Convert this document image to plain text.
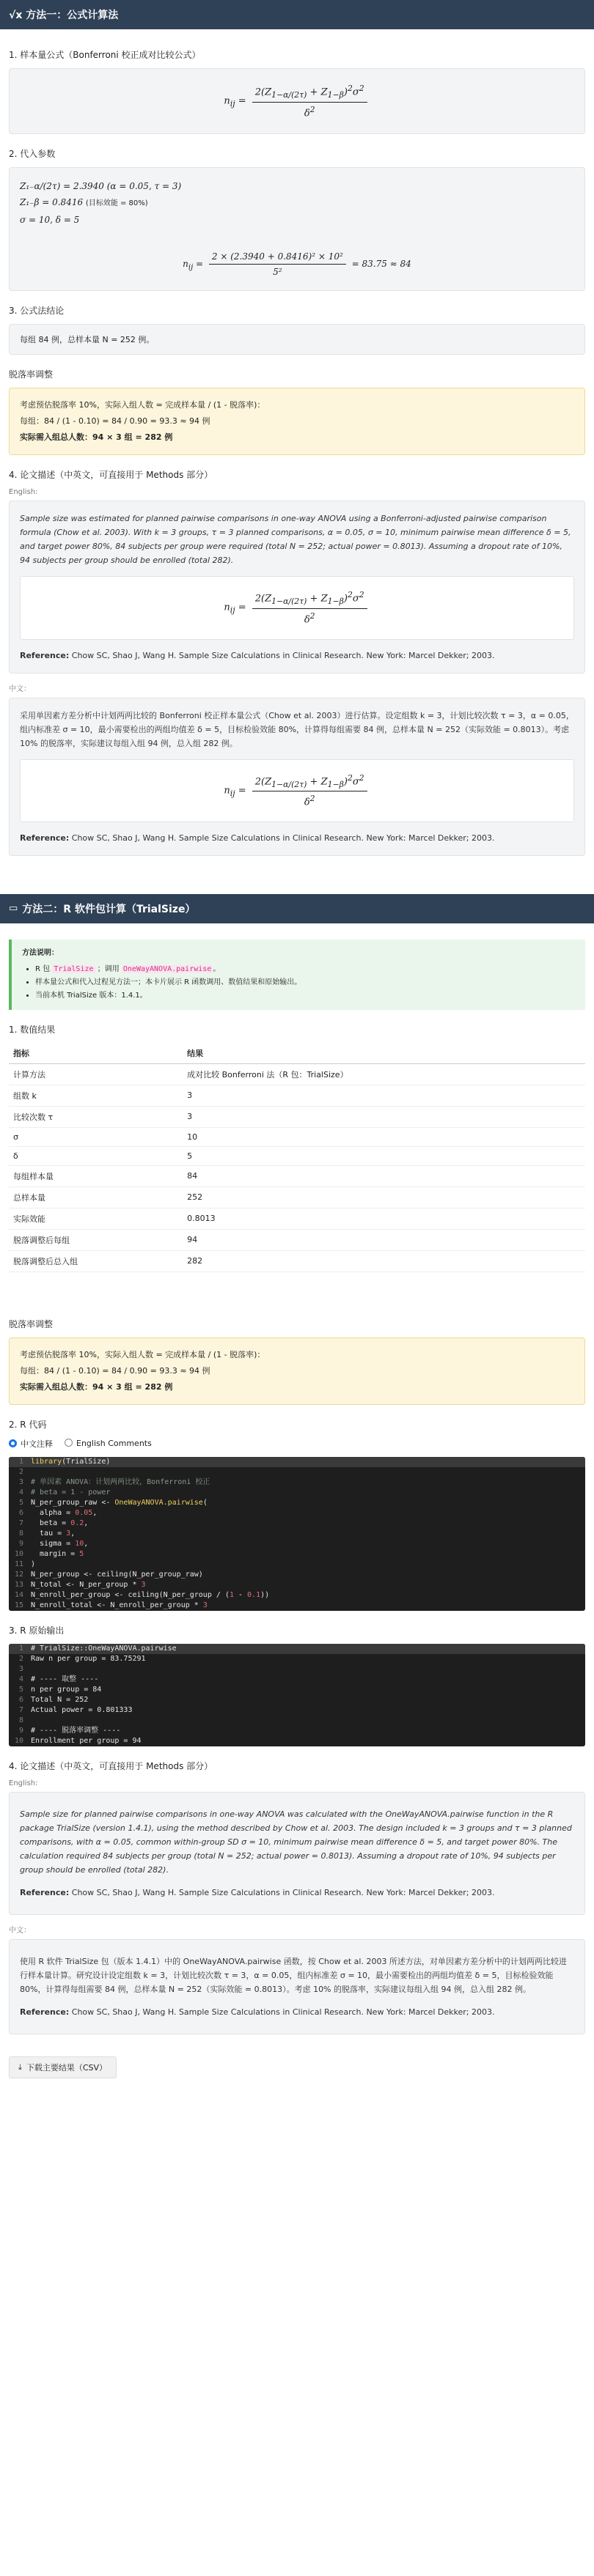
√x 方法一：公式计算法
1. 样本量公式（Bonferroni 校正成对比较公式）
$n_{ij} = \frac{2(Z_{1-\alpha/(2\tau)} + Z_{1-\beta})^2\sigma^2}{\delta^2}$
2. 代入参数
Z₁₋α/(2τ) = 2.3940 (α = 0.05, τ = 3)
Z₁₋β = 0.8416 (目标效能 = 80%)
σ = 10, δ = 5
$n_{ij} = \frac{\text{2 × (2.3940 + 0.8416)² × 10²}}{\text{5²}} = 83.75 \approx 84$
3. 公式法结论
每组 84 例，总样本量 N = 252 例。
脱落率调整
考虑预估脱落率 10%，实际入组人数 = 完成样本量 / (1 - 脱落率)：
每组：84 / (1 - 0.10) = 84 / 0.90 = 93.3 ≈ 94 例
实际需入组总人数：94 × 3 组 = 282 例
4. 论文描述（中英文，可直接用于 Methods 部分）
English:
Sample size was estimated for planned pairwise comparisons in one-way ANOVA using a Bonferroni-adjusted pairwise comparison formula (Chow et al. 2003). With k = 3 groups, τ = 3 planned comparisons, α = 0.05, σ = 10, minimum pairwise mean difference δ = 5, and target power 80%, 84 subjects per group were required (total N = 252; actual power = 0.8013). Assuming a dropout rate of 10%, 94 subjects per group should be enrolled (total 282).
$n_{ij} = \frac{2(Z_{1-\alpha/(2\tau)} + Z_{1-\beta})^2\sigma^2}{\delta^2}$
Reference: Chow SC, Shao J, Wang H. Sample Size Calculations in Clinical Research. New York: Marcel Dekker; 2003.
中文：
采用单因素方差分析中计划两两比较的 Bonferroni 校正样本量公式（Chow et al. 2003）进行估算。设定组数 k = 3，计划比较次数 τ = 3，α = 0.05，组内标准差 σ = 10，最小需要检出的两组均值差 δ = 5，目标检验效能 80%，计算得每组需要 84 例，总样本量 N = 252（实际效能 = 0.8013）。考虑 10% 的脱落率，实际建议每组入组 94 例，总入组 282 例。
$n_{ij} = \frac{2(Z_{1-\alpha/(2\tau)} + Z_{1-\beta})^2\sigma^2}{\delta^2}$
Reference: Chow SC, Shao J, Wang H. Sample Size Calculations in Clinical Research. New York: Marcel Dekker; 2003.
▭ 方法二：R 软件包计算（TrialSize）
方法说明：
• R 包 TrialSize ；调用 OneWayANOVA.pairwise 。
• 样本量公式和代入过程见方法一；本卡片展示 R 函数调用、数值结果和原始输出。
• 当前本机 TrialSize 版本：1.4.1。
1. 数值结果
指标	结果
计算方法	成对比较 Bonferroni 法（R 包：TrialSize）
组数 k	3
比较次数 τ	3
σ	10
δ	5
每组样本量	84
总样本量	252
实际效能	0.8013
脱落调整后每组	94
脱落调整后总入组	282
脱落率调整
考虑预估脱落率 10%，实际入组人数 = 完成样本量 / (1 - 脱落率)：
每组：84 / (1 - 0.10) = 84 / 0.90 = 93.3 ≈ 94 例
实际需入组总人数：94 × 3 组 = 282 例
2. R 代码
中文注释	English Comments
1	library(TrialSize)
2
3	# 单因素 ANOVA：计划两两比较，Bonferroni 校正
4	# beta = 1 - power
5	N_per_group_raw <- OneWayANOVA.pairwise(
6	alpha = 0.05,
7	beta = 0.2,
8	tau = 3,
9	sigma = 10,
10	margin = 5
11	)
12	N_per_group <- ceiling(N_per_group_raw)
13	N_total <- N_per_group * 3
14	N_enroll_per_group <- ceiling(N_per_group / (1 - 0.1))
15	N_enroll_total <- N_enroll_per_group * 3
3. R 原始输出
1	# TrialSize::OneWayANOVA.pairwise
2	Raw n per group = 83.75291
3
4	# ---- 取整 ----
5	n per group = 84
6	Total N = 252
7	Actual power = 0.801333
8
9	# ---- 脱落率调整 ----
10	Enrollment per group = 94
4. 论文描述（中英文，可直接用于 Methods 部分）
English:
Sample size for planned pairwise comparisons in one-way ANOVA was calculated with the OneWayANOVA.pairwise function in the R package TrialSize (version 1.4.1), using the method described by Chow et al. 2003. The design included k = 3 groups and τ = 3 planned comparisons, with α = 0.05, common within-group SD σ = 10, minimum pairwise mean difference δ = 5, and target power 80%. The calculation required 84 subjects per group (total N = 252; actual power = 0.8013). Assuming a dropout rate of 10%, 94 subjects per group should be enrolled (total 282).
Reference: Chow SC, Shao J, Wang H. Sample Size Calculations in Clinical Research. New York: Marcel Dekker; 2003.
中文：
使用 R 软件 TrialSize 包（版本 1.4.1）中的 OneWayANOVA.pairwise 函数，按 Chow et al. 2003 所述方法，对单因素方差分析中的计划两两比较进行样本量计算。研究设计设定组数 k = 3，计划比较次数 τ = 3，α = 0.05，组内标准差 σ = 10，最小需要检出的两组均值差 δ = 5，目标检验效能 80%，计算得每组需要 84 例，总样本量 N = 252（实际效能 = 0.8013）。考虑 10% 的脱落率，实际建议每组入组 94 例，总入组 282 例。
Reference: Chow SC, Shao J, Wang H. Sample Size Calculations in Clinical Research. New York: Marcel Dekker; 2003.
⤓ 下载主要结果（CSV）
